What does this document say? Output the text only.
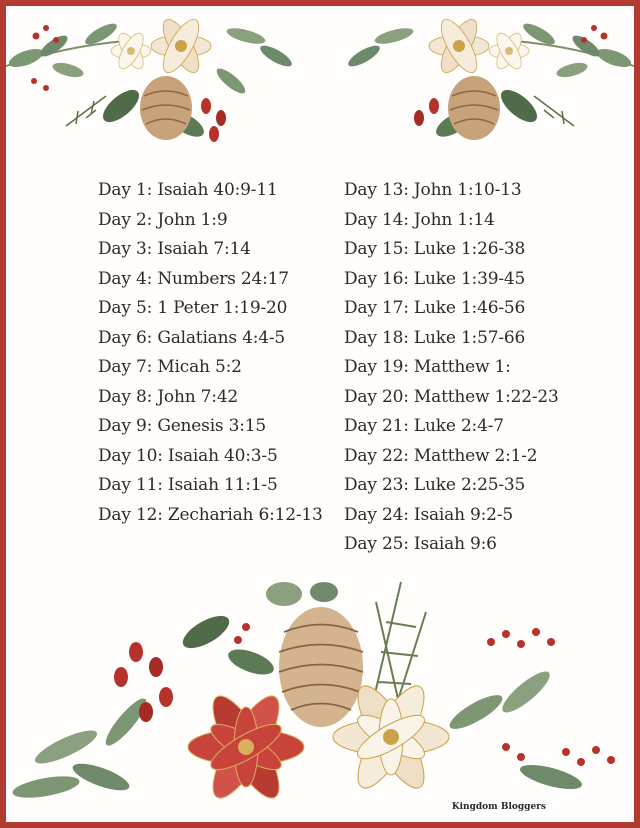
Day 1: Isaiah 40:9-11
Day 2: John 1:9
Day 3: Isaiah 7:14
Day 4: Numbers 24:17
Day 5: 1 Peter 1:19-20
Day 6: Galatians 4:4-5
Day 7: Micah 5:2
Day 8: John 7:42
Day 9: Genesis 3:15
Day 10: Isaiah 40:3-5
Day 11: Isaiah 11:1-5
Day 12: Zechariah 6:12-13
Day 13: John 1:10-13
Day 14: John 1:14
Day 15: Luke 1:26-38
Day 16: Luke 1:39-45
Day 17: Luke 1:46-56
Day 18: Luke 1:57-66
Day 19: Matthew 1:
Day 20: Matthew 1:22-23
Day 21: Luke 2:4-7
Day 22: Matthew 2:1-2
Day 23: Luke 2:25-35
Day 24: Isaiah 9:2-5
Day 25: Isaiah 9:6
Kingdom Bloggers
